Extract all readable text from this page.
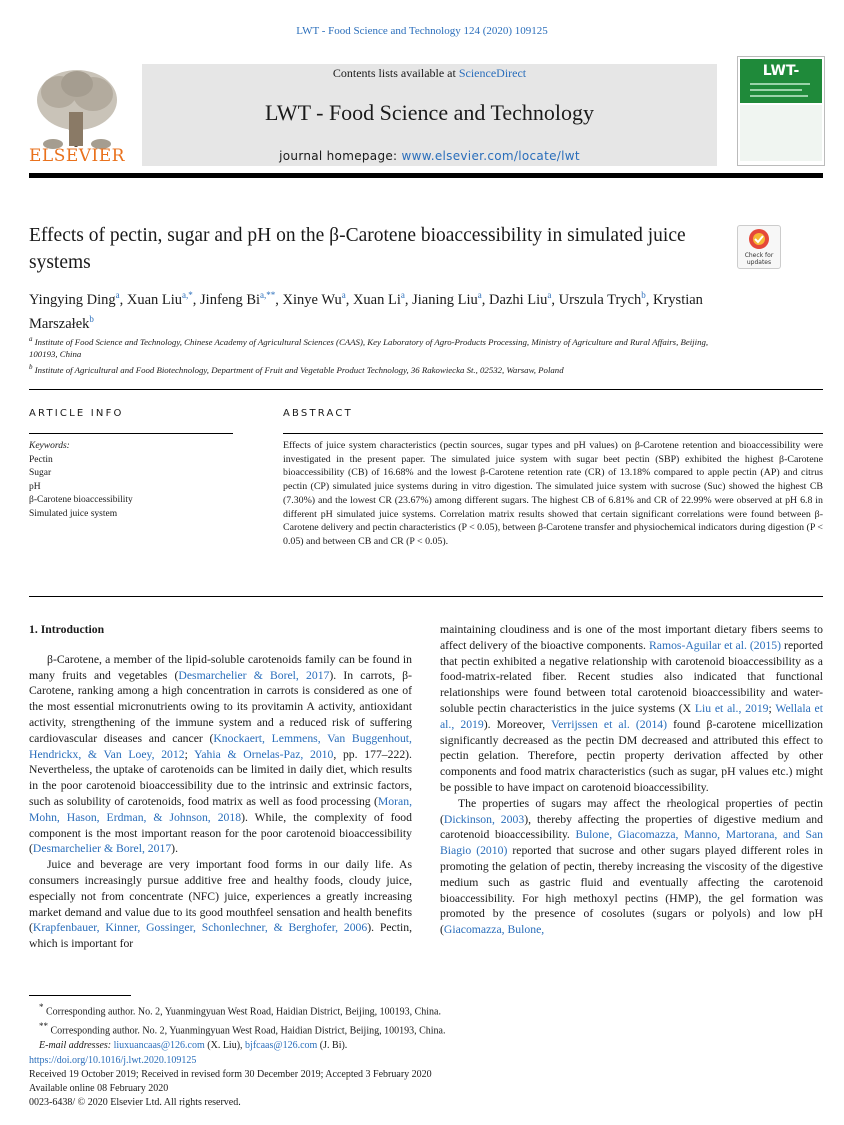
LWT - Food Science and Technology 124 (2020) 109125
ELSEVIER
Contents lists available at ScienceDirect
LWT - Food Science and Technology
journal homepage: www.elsevier.com/locate/lwt
LWT-
Effects of pectin, sugar and pH on the β-Carotene bioaccessibility in simulated juice systems	Check for updates
Yingying Ding$^a$, Xuan Liu$^{a,*}$, Jinfeng $Bi^{a,**}$, Xinye Wu$^a$, Xuan Li$^a$, Jianing Liu$^a$, Dazhi Liu$^a$, Urszula Trych$^b$, Krystian Marszałek$^b$
$^a$ Institute of Food Science and Technology, Chinese Academy of Agricultural Sciences (CAAS), Key Laboratory of Agro-Products Processing, Ministry of Agriculture and Rural Affairs, Beijing, 100193, China
$^b$ Institute of Agricultural and Food Biotechnology, Department of Fruit and Vegetable Product Technology, 36 Rakowiecka St., 02532, Warsaw, Poland
ARTICLE INFO	ABSTRACT
Keywords:
Pectin
Sugar
pH
β-Carotene bioaccessibility
Simulated juice system
Effects of juice system characteristics (pectin sources, sugar types and pH values) on β-Carotene retention and bioaccessibility were investigated in the present paper. The simulated juice system with sugar beet pectin (SBP) exhibited the highest β-Carotene bioaccessibility (CB) of 16.68% and the lowest β-Carotene retention rate (CR) of 13.18% compared to apple pectin (AP) and citrus pectin (CP) simulated juice systems during in vitro digestion. The simulated juice system with sucrose (Suc) showed the highest CB (7.30%) and the lowest CR (23.67%) among different sugars. The highest CB of 6.81% and CR of 22.99% were observed at pH 6.8 in different pH simulated juice systems. Correlation matrix results showed that certain significant correlations were found between β-Carotene delivery and pectin characteristics (P < 0.05), between β-Carotene transfer and physiochemical indicators during digestion (P < 0.05) and between CB and CR (P < 0.05).

1. Introduction

β-Carotene, a member of the lipid-soluble carotenoids family can be found in many fruits and vegetables (Desmarchelier & Borel, 2017). In carrots, β-Carotene, ranking among a high concentration in carrots is considered as one of the most essential micronutrients owing to its provitamin A activity, antioxidant activity, strengthening of the immune system and a reduced risk of suffering cardiovascular diseases and cancer (Knockaert, Lemmens, Van Buggenhout, Hendrickx, & Van Loey, 2012; Yahia & Ornelas-Paz, 2010, pp. 177–222). Nevertheless, the uptake of carotenoids can be limited in daily diet, which results in the poor carotenoid bioaccessibility due to the intrinsic and extrinsic factors, such as solubility of carotenoids, food matrix as well as food processing (Moran, Mohn, Hason, Erdman, & Johnson, 2018). While, the complexity of food component is the most important reason for the poor carotenoid bioaccessibility (Desmarchelier & Borel, 2017).

Juice and beverage are very important food forms in our daily life. As consumers increasingly pursue additive free and healthy foods, cloudy juice, especially not from concentrate (NFC) juice, experiences a greatly increasing market demand and value due to its good mouthfeel sensation and health benefits (Krapfenbauer, Kinner, Gossinger, Schonlechner, & Berghofer, 2006). Pectin, which is important for

maintaining cloudiness and is one of the most important dietary fibers seems to affect delivery of the bioactive components. Ramos-Aguilar et al. (2015) reported that pectin exhibited a negative relationship with carotenoid bioaccessibility as a food-matrix-related fiber. Recent studies also indicated that functional relationships were found between total carotenoid bioaccessibility and water-soluble pectin characteristics in the juice systems (X Liu et al., 2019; Wellala et al., 2019). Moreover, Verrijssen et al. (2014) found β-carotene micellization significantly decreased as the pectin DM decreased and attributed this effect to pectin gelation. Therefore, pectin property derivation affected by other components and food matrix characteristics (such as sugar, pH values etc.) might be possible to have impact on carotenoid bioaccessibility.

The properties of sugars may affect the rheological properties of pectin (Dickinson, 2003), thereby affecting the properties of digestive medium and carotenoid bioaccessibility. Bulone, Giacomazza, Manno, Martorana, and San Biagio (2010) reported that sucrose and other sugars played different roles in promoting the gelation of pectin, thereby increasing the viscosity of the digestive medium such as gastric fluid and eventually affecting the carotenoid bioaccessibility. For high methoxyl pectins (HMP), the gel formation was promoted by the presence of cosolutes (sugars or polyols) and low pH (Giacomazza, Bulone,

* Corresponding author. No. 2, Yuanmingyuan West Road, Haidian District, Beijing, 100193, China.
** Corresponding author. No. 2, Yuanmingyuan West Road, Haidian District, Beijing, 100193, China.
E-mail addresses: liuxuancaas@126.com (X. Liu), bjfcaas@126.com (J. Bi).
https://doi.org/10.1016/j.lwt.2020.109125
Received 19 October 2019; Received in revised form 30 December 2019; Accepted 3 February 2020
Available online 08 February 2020
0023-6438/ © 2020 Elsevier Ltd. All rights reserved.
